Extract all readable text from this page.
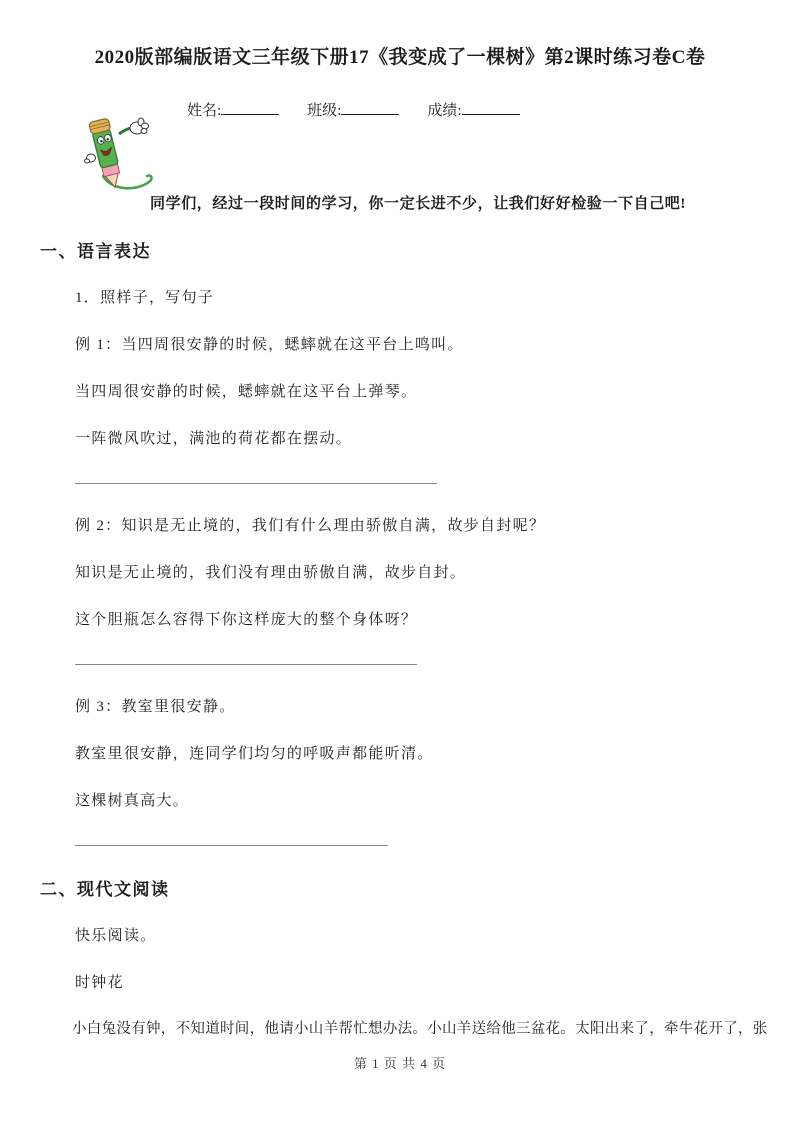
2020版部编版语文三年级下册17《我变成了一棵树》第2课时练习卷C卷
姓名:	班级:	成绩:
同学们，经过一段时间的学习，你一定长进不少，让我们好好检验一下自己吧!
一、语言表达
1．照样子，写句子
例 1：当四周很安静的时候，蟋蟀就在这平台上鸣叫。
当四周很安静的时候，蟋蟀就在这平台上弹琴。
一阵微风吹过，满池的荷花都在摆动。
例 2：知识是无止境的，我们有什么理由骄傲自满，故步自封呢？
知识是无止境的，我们没有理由骄傲自满，故步自封。
这个胆瓶怎么容得下你这样庞大的整个身体呀？
例 3：教室里很安静。
教室里很安静，连同学们均匀的呼吸声都能听清。
这棵树真高大。
二、现代文阅读
快乐阅读。
时钟花
小白兔没有钟，不知道时间，他请小山羊帮忙想办法。小山羊送给他三盆花。太阳出来了，牵牛花开了，张
第 1 页 共 4 页
